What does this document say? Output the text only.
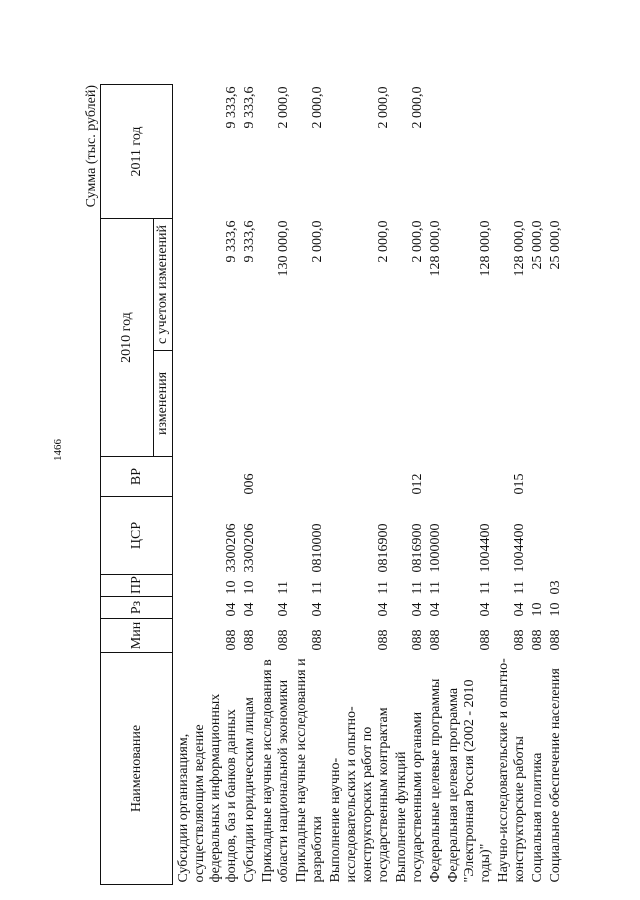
1466
Сумма (тыс. рублей)
Наименование	Мин	Рз	ПР	ЦСР	ВР	2010 год		2011 год
						изменения	с учетом изменений	

Субсидии организациям, осуществляющим ведение федеральных информационных фондов, баз и банков данных	088	04	10	3300206			9 333,6	9 333,6
Субсидии юридическим лицам	088	04	10	3300206	006		9 333,6	9 333,6
Прикладные научные исследования в области национальной экономики	088	04	11				130 000,0	2 000,0
Прикладные научные исследования и разработки	088	04	11	0810000			2 000,0	2 000,0
Выполнение научно-исследовательских и опытно-конструкторских работ по государственным контрактам	088	04	11	0816900			2 000,0	2 000,0
Выполнение функций государственными органами	088	04	11	0816900	012		2 000,0	2 000,0
Федеральные целевые программы	088	04	11	1000000			128 000,0	
Федеральная целевая программа "Электронная Россия (2002 - 2010 годы)"	088	04	11	1004400			128 000,0	
Научно-исследовательские и опытно-конструкторские работы	088	04	11	1004400	015		128 000,0	
Социальная политика	088	10					25 000,0	
Социальное обеспечение населения	088	10	03				25 000,0	
